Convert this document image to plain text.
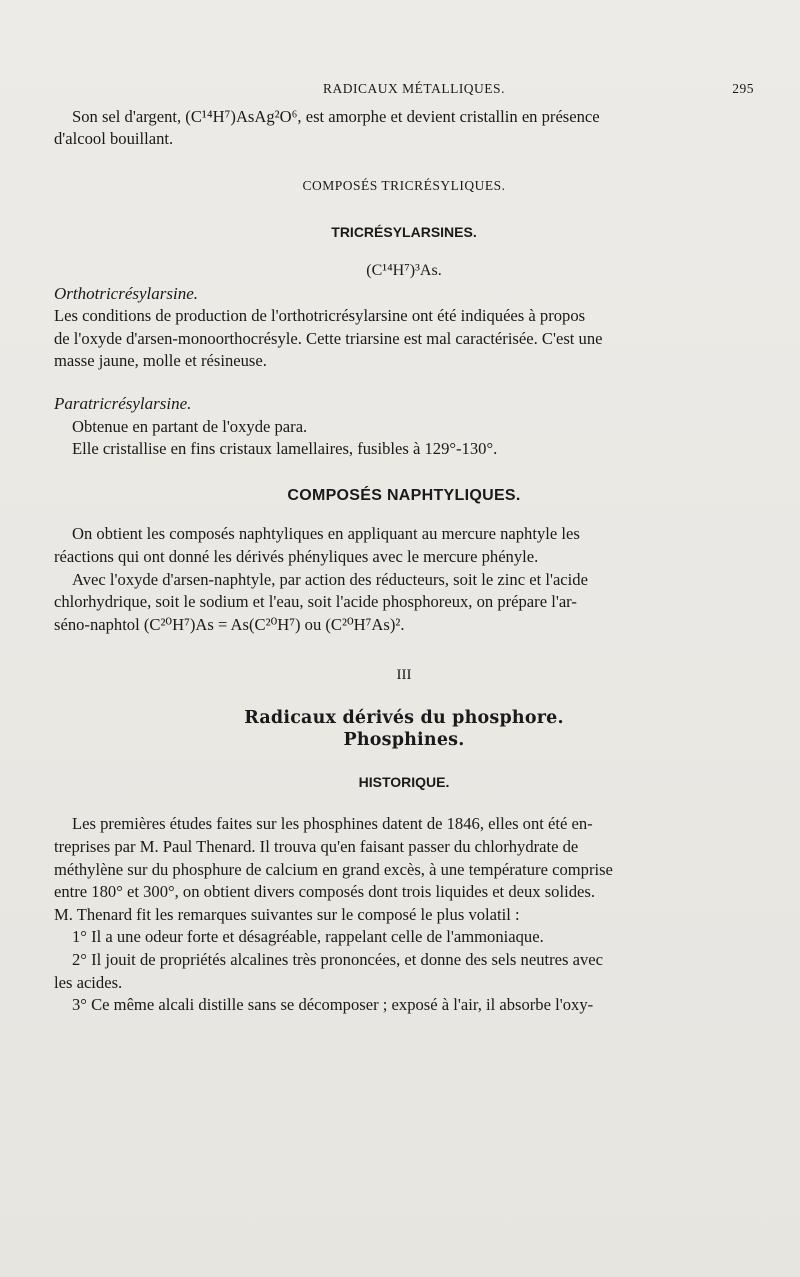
RADICAUX MÉTALLIQUES.	295

Son sel d'argent, (C¹⁴H⁷)AsAg²O⁶, est amorphe et devient cristallin en présence

d'alcool bouillant.

COMPOSÉS TRICRÉSYLIQUES.

TRICRÉSYLARSINES.

(C¹⁴H⁷)³As.

Orthotricrésylarsine.

Les conditions de production de l'orthotricrésylarsine ont été indiquées à propos

de l'oxyde d'arsen-monoorthocrésyle. Cette triarsine est mal caractérisée. C'est une

masse jaune, molle et résineuse.

Paratricrésylarsine.

Obtenue en partant de l'oxyde para.

Elle cristallise en fins cristaux lamellaires, fusibles à 129°-130°.

COMPOSÉS NAPHTYLIQUES.

On obtient les composés naphtyliques en appliquant au mercure naphtyle les

réactions qui ont donné les dérivés phényliques avec le mercure phényle.

Avec l'oxyde d'arsen-naphtyle, par action des réducteurs, soit le zinc et l'acide

chlorhydrique, soit le sodium et l'eau, soit l'acide phosphoreux, on prépare l'ar-

séno-naphtol (C²⁰H⁷)As = As(C²⁰H⁷) ou (C²⁰H⁷As)².

III

Radicaux dérivés du phosphore.

Phosphines.

HISTORIQUE.

Les premières études faites sur les phosphines datent de 1846, elles ont été en-

treprises par M. Paul Thenard. Il trouva qu'en faisant passer du chlorhydrate de

méthylène sur du phosphure de calcium en grand excès, à une température comprise

entre 180° et 300°, on obtient divers composés dont trois liquides et deux solides.

M. Thenard fit les remarques suivantes sur le composé le plus volatil :

1° Il a une odeur forte et désagréable, rappelant celle de l'ammoniaque.

2° Il jouit de propriétés alcalines très prononcées, et donne des sels neutres avec

les acides.

3° Ce même alcali distille sans se décomposer ; exposé à l'air, il absorbe l'oxy-
